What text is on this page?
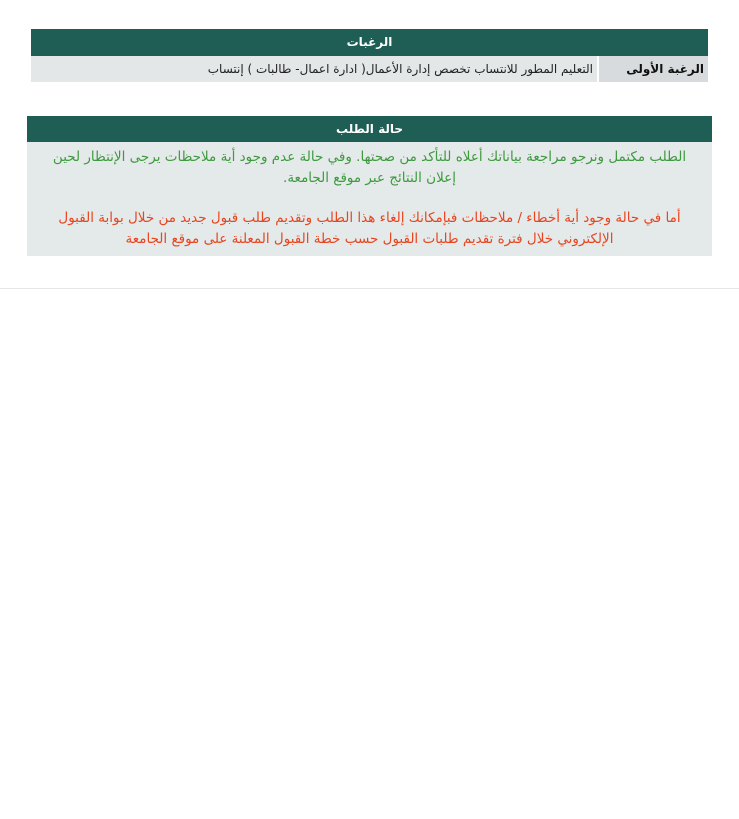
الرغبات
الرغبة الأولى	التعليم المطور للانتساب تخصص إدارة الأعمال( ادارة اعمال- طالبات ) إنتساب
حالة الطلب
الطلب مكتمل ونرجو مراجعة بياناتك أعلاه للتأكد من صحتها. وفي حالة عدم وجود أية ملاحظات يرجى الإنتظار لحين إعلان النتائج عبر موقع الجامعة.
أما في حالة وجود أية أخطاء / ملاحظات فبإمكانك إلغاء هذا الطلب وتقديم طلب قبول جديد من خلال بوابة القبول الإلكتروني خلال فترة تقديم طلبات القبول حسب خطة القبول المعلنة على موقع الجامعة
